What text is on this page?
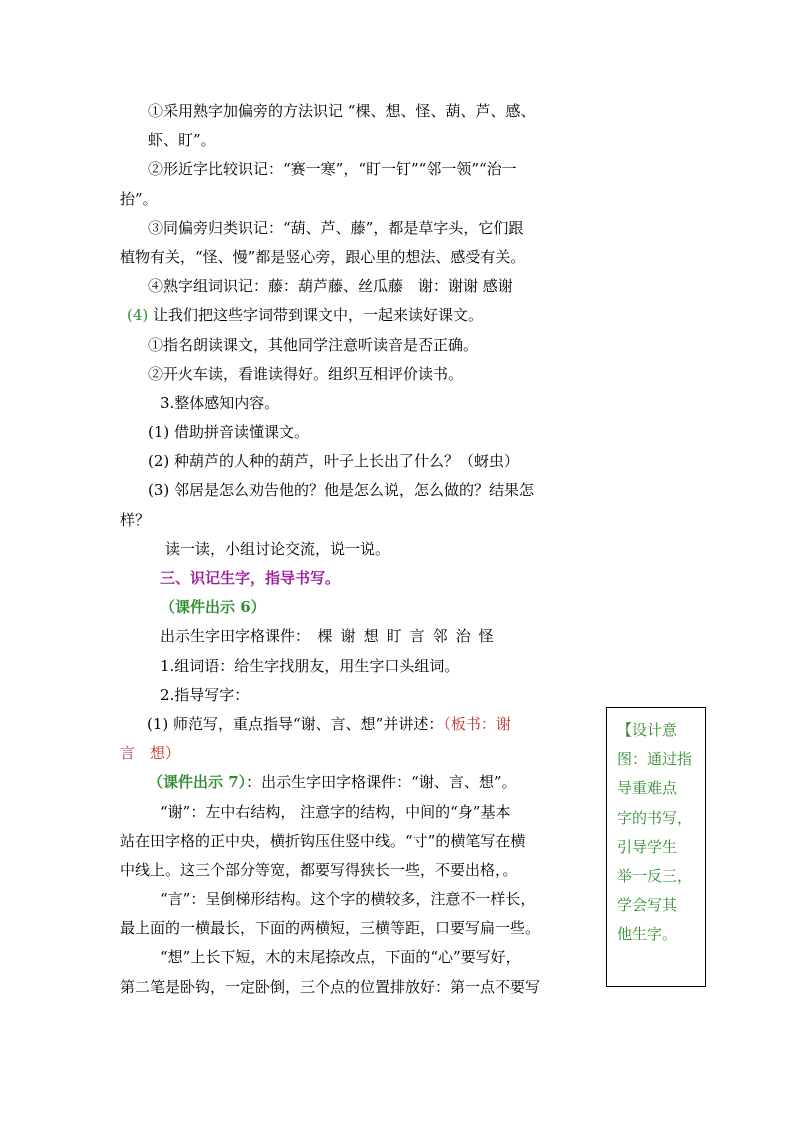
①采用熟字加偏旁的方法识记 “棵、想、怪、葫、芦、感、
虾、盯”。
②形近字比较识记：“赛一寒”，“盯一钉”“邻一领”“治一
抬”。
③同偏旁归类识记：“葫、芦、藤”，都是草字头，它们跟
植物有关，“怪、慢”都是竖心旁，跟心里的想法、感受有关。
④熟字组词识记：藤：葫芦藤、丝瓜藤　谢：谢谢 感谢
(4) 让我们把这些字词带到课文中，一起来读好课文。
①指名朗读课文，其他同学注意听读音是否正确。
②开火车读，看谁读得好。组织互相评价读书。
3.整体感知内容。
(1) 借助拼音读懂课文。
(2) 种葫芦的人种的葫芦，叶子上长出了什么？（蚜虫）
(3) 邻居是怎么劝告他的？他是怎么说，怎么做的？结果怎
样？
读一读，小组讨论交流，说一说。
三、识记生字，指导书写。
（课件出示 6）
出示生字田字格课件：　 棵 谢 想 盯 言 邻 治 怪
1.组词语：给生字找朋友，用生字口头组词。
2.指导写字：
(1) 师范写，重点指导“谢、言、想”并讲述：（板书：谢
言　想）
（课件出示 7）：出示生字田字格课件：“谢、言、想”。
“谢”：左中右结构， 注意字的结构，中间的“身”基本
站在田字格的正中央，横折钩压住竖中线。“寸”的横笔写在横
中线上。这三个部分等宽，都要写得狭长一些，不要出格，。
“言”：呈倒梯形结构。这个字的横较多，注意不一样长，
最上面的一横最长，下面的两横短，三横等距，口要写扁一些。
“想”上长下短，木的末尾捺改点，下面的“心”要写好，
第二笔是卧钩，一定卧倒，三个点的位置排放好：第一点不要写
【设计意
图：通过指
导重难点
字的书写，
引导学生
举一反三，
学会写其
他生字。
